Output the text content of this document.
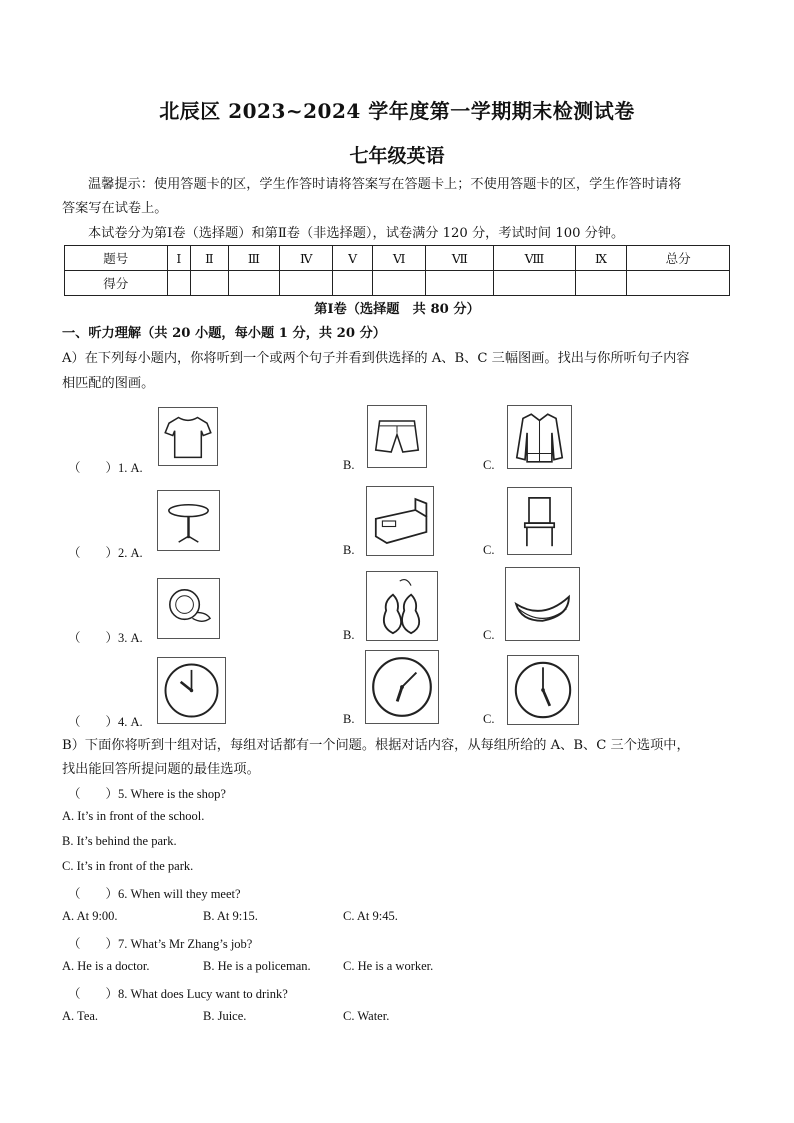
北辰区 2023~2024 学年度第一学期期末检测试卷
七年级英语
温馨提示：使用答题卡的区，学生作答时请将答案写在答题卡上；不使用答题卡的区，学生作答时请将
答案写在试卷上。
本试卷分为第Ⅰ卷（选择题）和第Ⅱ卷（非选择题），试卷满分 120 分，考试时间 100 分钟。
题号	Ⅰ	Ⅱ	Ⅲ	Ⅳ	Ⅴ	Ⅵ	Ⅶ	Ⅷ	Ⅸ	总分
得分										
第Ⅰ卷（选择题　共 80 分）
一、听力理解（共 20 小题，每小题 1 分，共 20 分）
A）在下列每小题内，你将听到一个或两个句子并看到供选择的 A、B、C 三幅图画。找出与你所听句子内容
相匹配的图画。
（　　）1. A.	B.	C.
（　　）2. A.	B.	C.
（　　）3. A.	B.	C.
（　　）4. A.	B.	C.
B）下面你将听到十组对话，每组对话都有一个问题。根据对话内容，从每组所给的 A、B、C 三个选项中，
找出能回答所提问题的最佳选项。
（　　）5. Where is the shop?
A. It’s in front of the school.
B. It’s behind the park.
C. It’s in front of the park.
（　　）6. When will they meet?
A. At 9:00.	B. At 9:15.	C. At 9:45.
（　　）7. What’s Mr Zhang’s job?
A. He is a doctor.	B. He is a policeman.	C. He is a worker.
（　　）8. What does Lucy want to drink?
A. Tea.	B. Juice.	C. Water.
